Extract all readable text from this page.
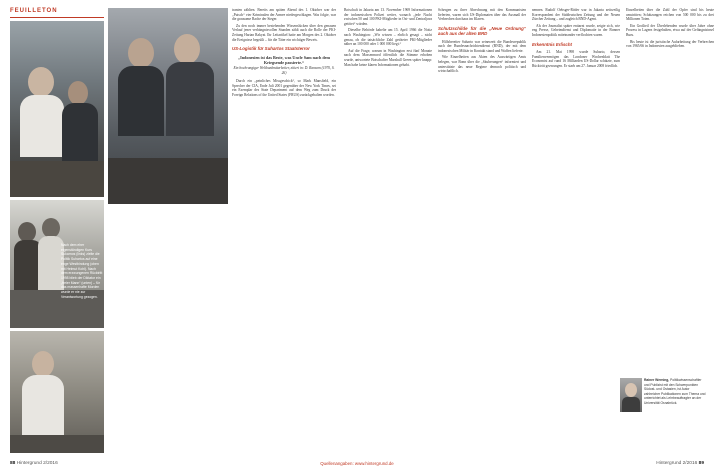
FEUILLETON
Nach dem eher eigenständigen Kurs Sukarnos (links) zielte die Politik Suhartos auf eine enge Westbindung (oben mit Helmut Kohl). Nach dem erzwungenen Rücktritt 1998 blieb der Diktator ein „freier Mann“ (unten) – für das massenhafte Morden wurde er nie zur Verantwortung gezogen.

tranten zählten. Bereits am späten Abend des 1. Oktober war der „Putsch“ vier Kriminalen der Armee niedergeschlagen. Was folgte, war die grausame Rache der Sieger.

Zu den noch immer bestehenden Wissenslücken über den genauen Verlauf jener verhängnisvollen Stunden zählt auch die Rolle der PKI-Zeitung Harian Rakyat. Ihr Leitartikel hatte am Morgen des 2. Oktober die Ereignisse begrüßt – für die Täter ein wichtiger Beweis.

US-Logistik für Suhartos Staatsterror
„Indonesien ist das Beste, was Uncle Sam nach dem Kriegsende passierte.“
Ein hochrangiger Weltbankmitarbeiter, zitiert in: D. Ransom (1970, S. 26)

Durch ein „peinliches Missgeschick“, so Mark Mansfield, ein Sprecher der CIA, Ende Juli 2001 gegenüber der New York Times, sei ein Exemplar des State Department auf dem Weg zum Druck der Foreign Relations of the United States (FRUS) zurückgehalten worden.

Botschaft in Jakarta am 13. November 1969 Informationen der indonesischen Polizei weiter, wonach „jede Nacht zwischen 50 und 100 PKI-Mitglieder in Ost- und Zentraljava getötet“ würden.

Dieselbe Behörde kabelte am 15. April 1966 die Notiz nach Washington: „Wir wissen – ehrlich gesagt – nicht genau, ob die tatsächliche Zahl getöteter PKI-Mitglieder näher an 100 000 oder 1 000 000 liegt.“

Auf die Frage, warum in Washington erst fünf Monate nach dem Massenmord öffentlich die Stimme erhoben wurde, antwortete Botschafter Marshall Green später knapp: Man habe keine klaren Informationen gehabt.

Schergen zu ihrer Abrechnung mit den Kommunisten lieferten, waren sich US-Diplomaten über das Ausmaß der Verbrechen durchaus im Klaren.

Schutzschilde für die „Neue Ordnung“ auch aus der alten BRD

Hilfsbereiter Suharto war seinerzeit die Bundesrepublik auch der Bundesnachrichtendienst (BND), der mit dem indonesischen Militär in Kontakt stand und Waffen lieferte.

Wie Einzelheiten aus Akten des Auswärtigen Amts belegen, war Bonn über die „Säuberungen“ informiert und unterstützte das neue Regime dennoch politisch und wirtschaftlich.

nennen. Rudolf Oebsger-Röder war in Jakarta zeitweilig Korrespondent der Süddeutschen Zeitung und der Neuen Zürcher Zeitung – und zugleich BND-Agent.

Als der Journalist später enttarnt wurde, zeigte sich, wie eng Presse, Geheimdienst und Diplomatie in der Bonner Indonesienpolitik miteinander verflochten waren.

Erkenntnis Erlischt

Am 21. Mai 1998 wurde Suharto, dessen Familienvermögen das Londoner Wochenblatt The Economist auf rund 16 Milliarden US-Dollar schätzte, zum Rücktritt gezwungen. Er starb am 27. Januar 2008 friedlich.

Einzelheiten über die Zahl der Opfer sind bis heute umstritten; Schätzungen reichen von 500 000 bis zu drei Millionen Toten.

Ein Großteil der Überlebenden wurde über Jahre ohne Prozess in Lagern festgehalten, etwa auf der Gefängnisinsel Buru.

Bis heute ist die juristische Aufarbeitung der Verbrechen von 1965/66 in Indonesien ausgeblieben.

Rainer Werning, Politikwissenschaftler und Publizist mit den Schwerpunkten Südost- und Ostasien, ist Autor zahlreicher Publikationen zum Thema und unterrichtet als Lehrbeauftragter an der Universität Osnabrück.
88 Hintergrund 2/2016	Quellenangaben: www.hintergrund.de	Hintergrund 2/2016 89
